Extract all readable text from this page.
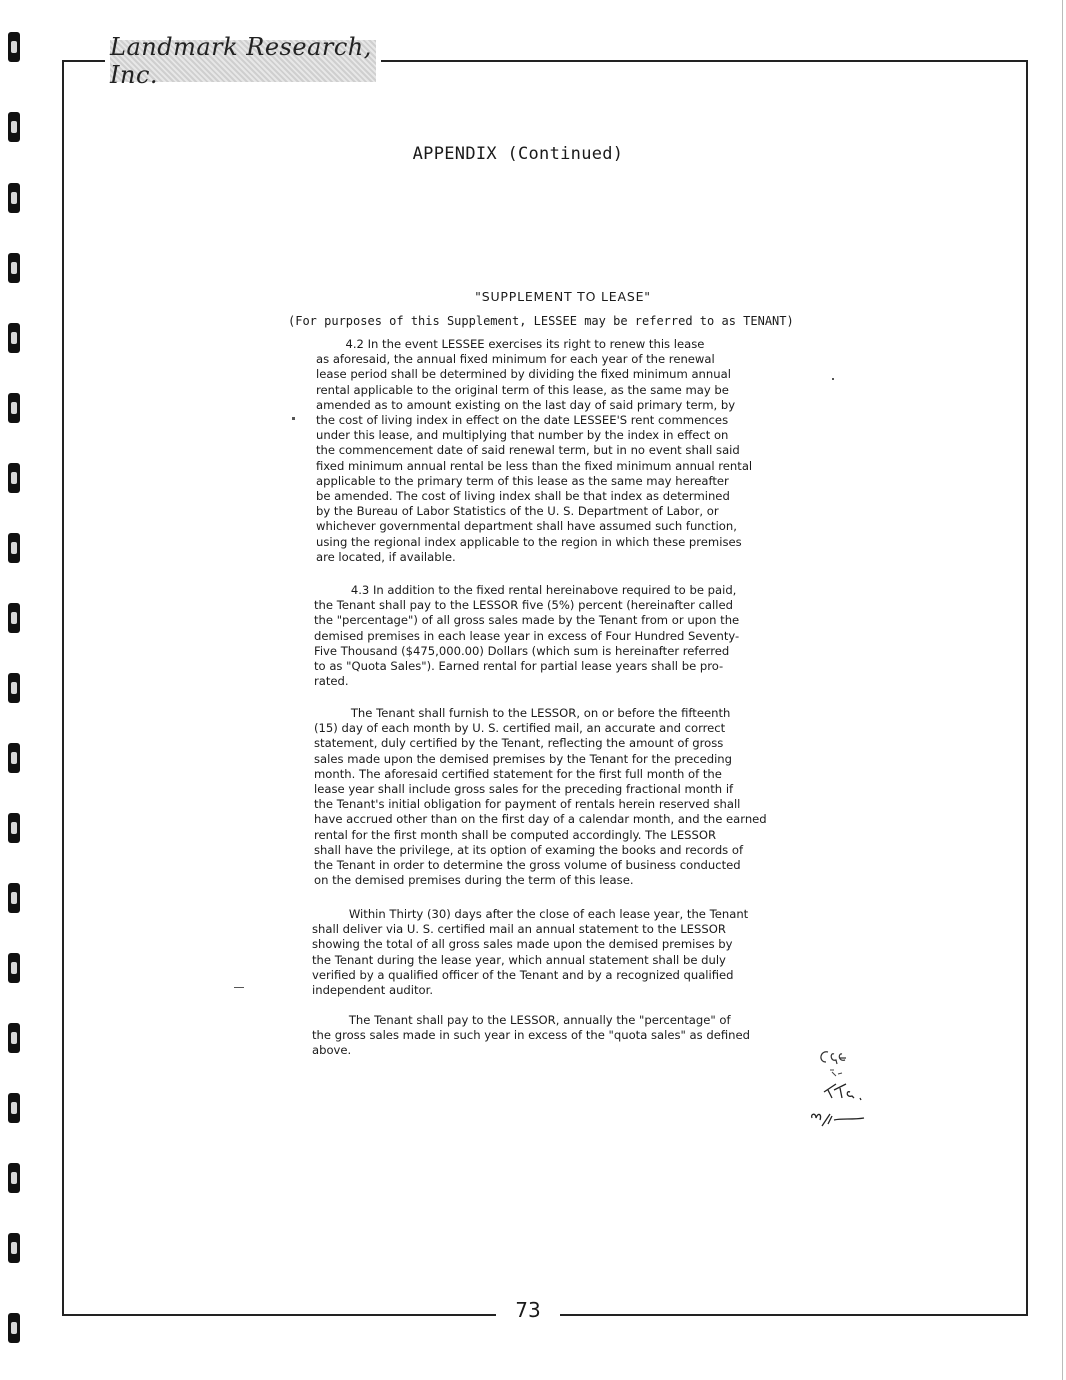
Landmark Research, Inc.
APPENDIX (Continued)
"SUPPLEMENT TO LEASE"
(For purposes of this Supplement, LESSEE may be referred to as TENANT)
4.2 In the event LESSEE exercises its right to renew this lease
as aforesaid, the annual fixed minimum for each year of the renewal
lease period shall be determined by dividing the fixed minimum annual
rental applicable to the original term of this lease, as the same may be
amended as to amount existing on the last day of said primary term, by
the cost of living index in effect on the date LESSEE'S rent commences
under this lease, and multiplying that number by the index in effect on
the commencement date of said renewal term, but in no event shall said
fixed minimum annual rental be less than the fixed minimum annual rental
applicable to the primary term of this lease as the same may hereafter
be amended. The cost of living index shall be that index as determined
by the Bureau of Labor Statistics of the U. S. Department of Labor, or
whichever governmental department shall have assumed such function,
using the regional index applicable to the region in which these premises
are located, if available.
4.3 In addition to the fixed rental hereinabove required to be paid,
the Tenant shall pay to the LESSOR five (5%) percent (hereinafter called
the "percentage") of all gross sales made by the Tenant from or upon the
demised premises in each lease year in excess of Four Hundred Seventy-
Five Thousand ($475,000.00) Dollars (which sum is hereinafter referred
to as "Quota Sales"). Earned rental for partial lease years shall be pro-
rated.
The Tenant shall furnish to the LESSOR, on or before the fifteenth
(15) day of each month by U. S. certified mail, an accurate and correct
statement, duly certified by the Tenant, reflecting the amount of gross
sales made upon the demised premises by the Tenant for the preceding
month. The aforesaid certified statement for the first full month of the
lease year shall include gross sales for the preceding fractional month if
the Tenant's initial obligation for payment of rentals herein reserved shall
have accrued other than on the first day of a calendar month, and the earned
rental for the first month shall be computed accordingly. The LESSOR
shall have the privilege, at its option of examing the books and records of
the Tenant in order to determine the gross volume of business conducted
on the demised premises during the term of this lease.
Within Thirty (30) days after the close of each lease year, the Tenant
shall deliver via U. S. certified mail an annual statement to the LESSOR
showing the total of all gross sales made upon the demised premises by
the Tenant during the lease year, which annual statement shall be duly
verified by a qualified officer of the Tenant and by a recognized qualified
independent auditor.
The Tenant shall pay to the LESSOR, annually the "percentage" of
the gross sales made in such year in excess of the "quota sales" as defined
above.
73
